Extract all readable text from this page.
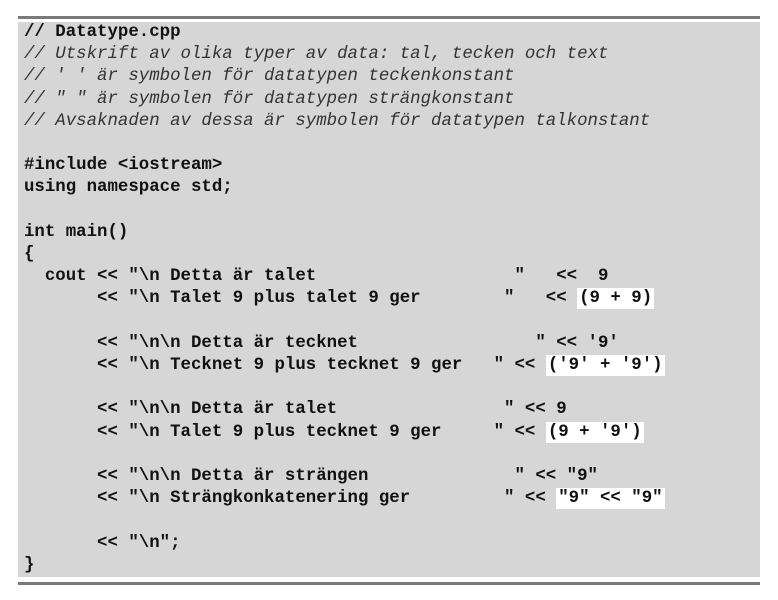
// Datatype.cpp
// Utskrift av olika typer av data: tal, tecken och text
// ' ' är symbolen för datatypen teckenkonstant
// " " är symbolen för datatypen strängkonstant
// Avsaknaden av dessa är symbolen för datatypen talkonstant

#include <iostream>
using namespace std;

int main()
{
cout << "\n Detta är talet                   "   <<  9
<< "\n Talet 9 plus talet 9 ger        "   << (9 + 9)

<< "\n\n Detta är tecknet                 " << '9'
<< "\n Tecknet 9 plus tecknet 9 ger   " << ('9' + '9')

<< "\n\n Detta är talet                " << 9
<< "\n Talet 9 plus tecknet 9 ger     " << (9 + '9')

<< "\n\n Detta är strängen              " << "9"
<< "\n Strängkonkatenering ger         " << "9" << "9"

<< "\n";
}
